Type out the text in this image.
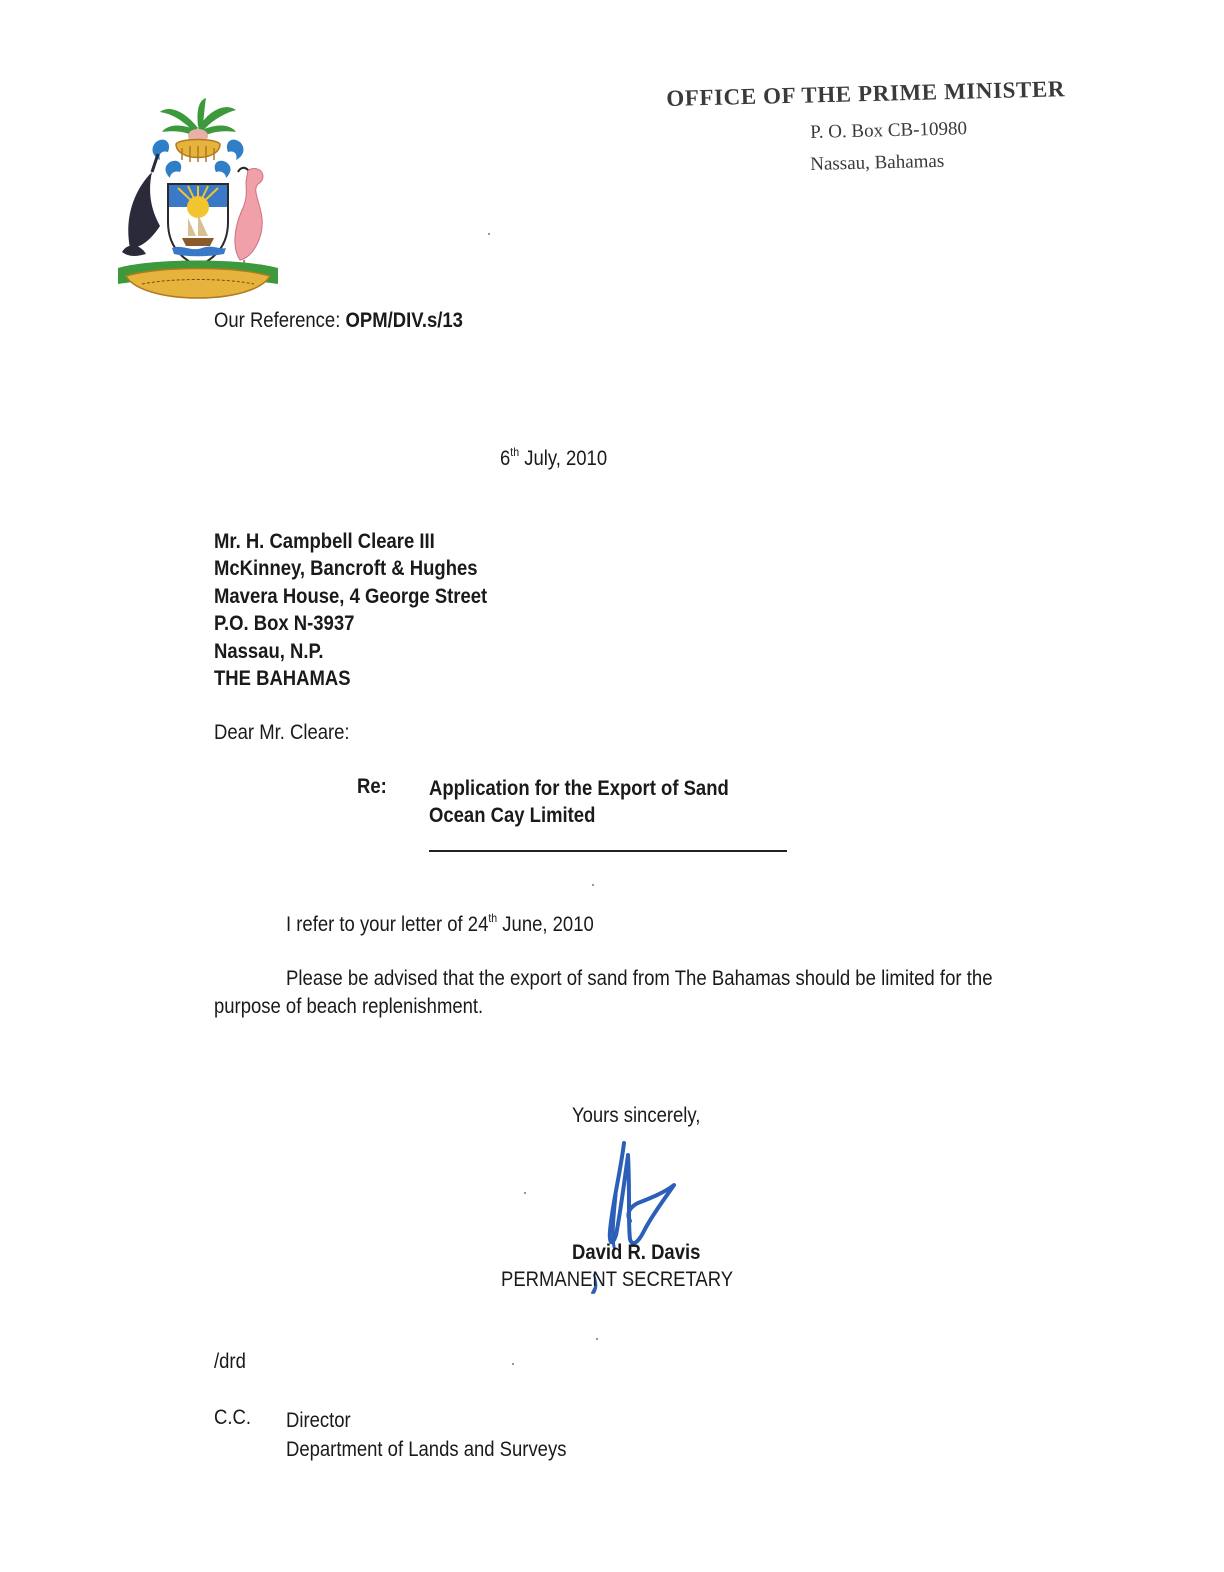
OFFICE OF THE PRIME MINISTER
P. O. Box CB-10980
Nassau, Bahamas
Our Reference: OPM/DIV.s/13
6th July, 2010
Mr. H. Campbell Cleare III
McKinney, Bancroft & Hughes
Mavera House, 4 George Street
P.O. Box N-3937
Nassau, N.P.
THE BAHAMAS
Dear Mr. Cleare:
Re: Application for the Export of Sand
Ocean Cay Limited
I refer to your letter of 24th June, 2010
Please be advised that the export of sand from The Bahamas should be limited for the
purpose of beach replenishment.
Yours sincerely,
David R. Davis
PERMANENT SECRETARY
/drd
C.C. Director
Department of Lands and Surveys
